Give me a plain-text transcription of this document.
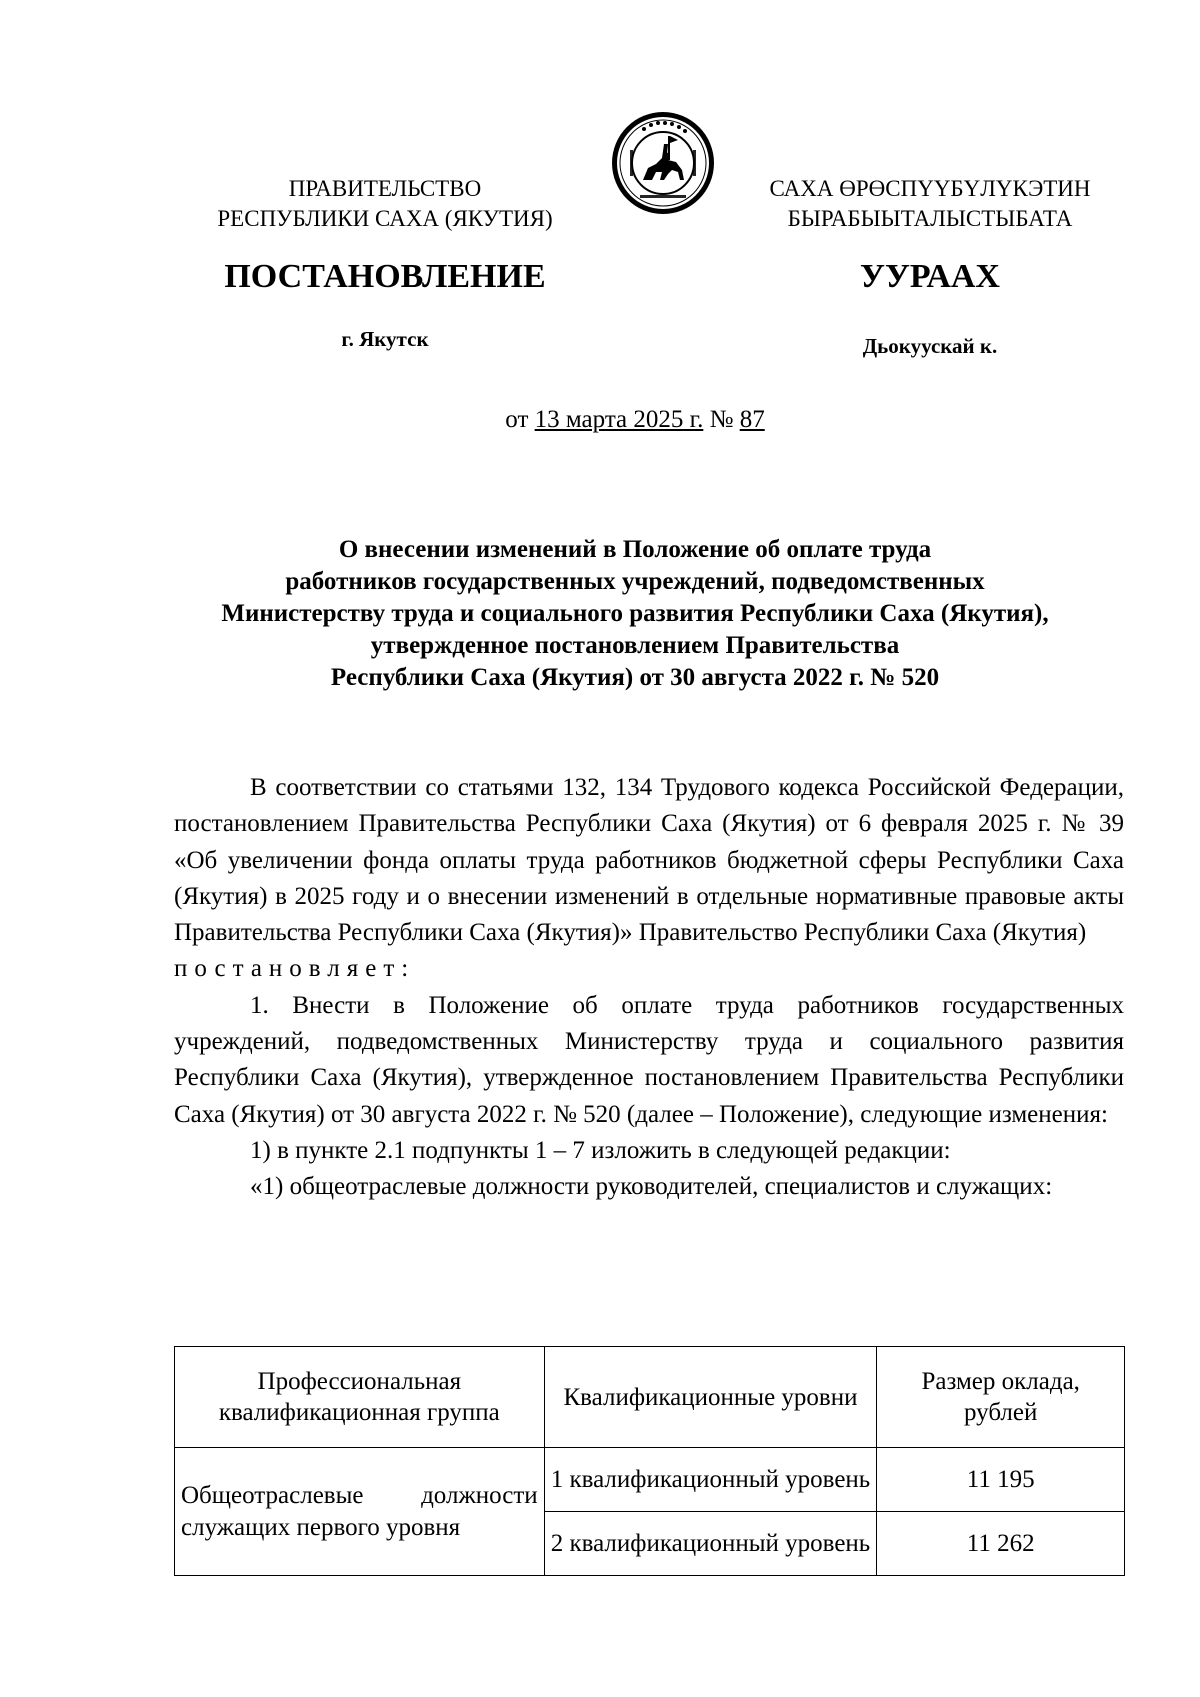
ПРАВИТЕЛЬСТВО
РЕСПУБЛИКИ САХА (ЯКУТИЯ)
САХА ӨРӨСПҮҮБҮЛҮКЭТИН
БЫРАБЫЫТАЛЫСТЫБАТА
ПОСТАНОВЛЕНИЕ	УУРААХ
г. Якутск	Дьокуускай к.
от 13 марта 2025 г. № 87
О внесении изменений в Положение об оплате труда
работников государственных учреждений, подведомственных
Министерству труда и социального развития Республики Саха (Якутия),
утвержденное постановлением Правительства
Республики Саха (Якутия) от 30 августа 2022 г. № 520

В соответствии со статьями 132, 134 Трудового кодекса Российской Федерации, постановлением Правительства Республики Саха (Якутия) от 6 февраля 2025 г. № 39 «Об увеличении фонда оплаты труда работников бюджетной сферы Республики Саха (Якутия) в 2025 году и о внесении изменений в отдельные нормативные правовые акты Правительства Республики Саха (Якутия)» Правительство Республики Саха (Якутия)

постановляет:

1. Внести в Положение об оплате труда работников государственных учреждений, подведомственных Министерству труда и социального развития Республики Саха (Якутия), утвержденное постановлением Правительства Республики Саха (Якутия) от 30 августа 2022 г. № 520 (далее – Положение), следующие изменения:

1) в пункте 2.1 подпункты 1 – 7 изложить в следующей редакции:

«1) общеотраслевые должности руководителей, специалистов и служащих:

Профессиональная квалификационная группа	Квалификационные уровни	Размер оклада, рублей
Общеотраслевые должности служащих первого уровня	1 квалификационный уровень	11 195
	2 квалификационный уровень	11 262
